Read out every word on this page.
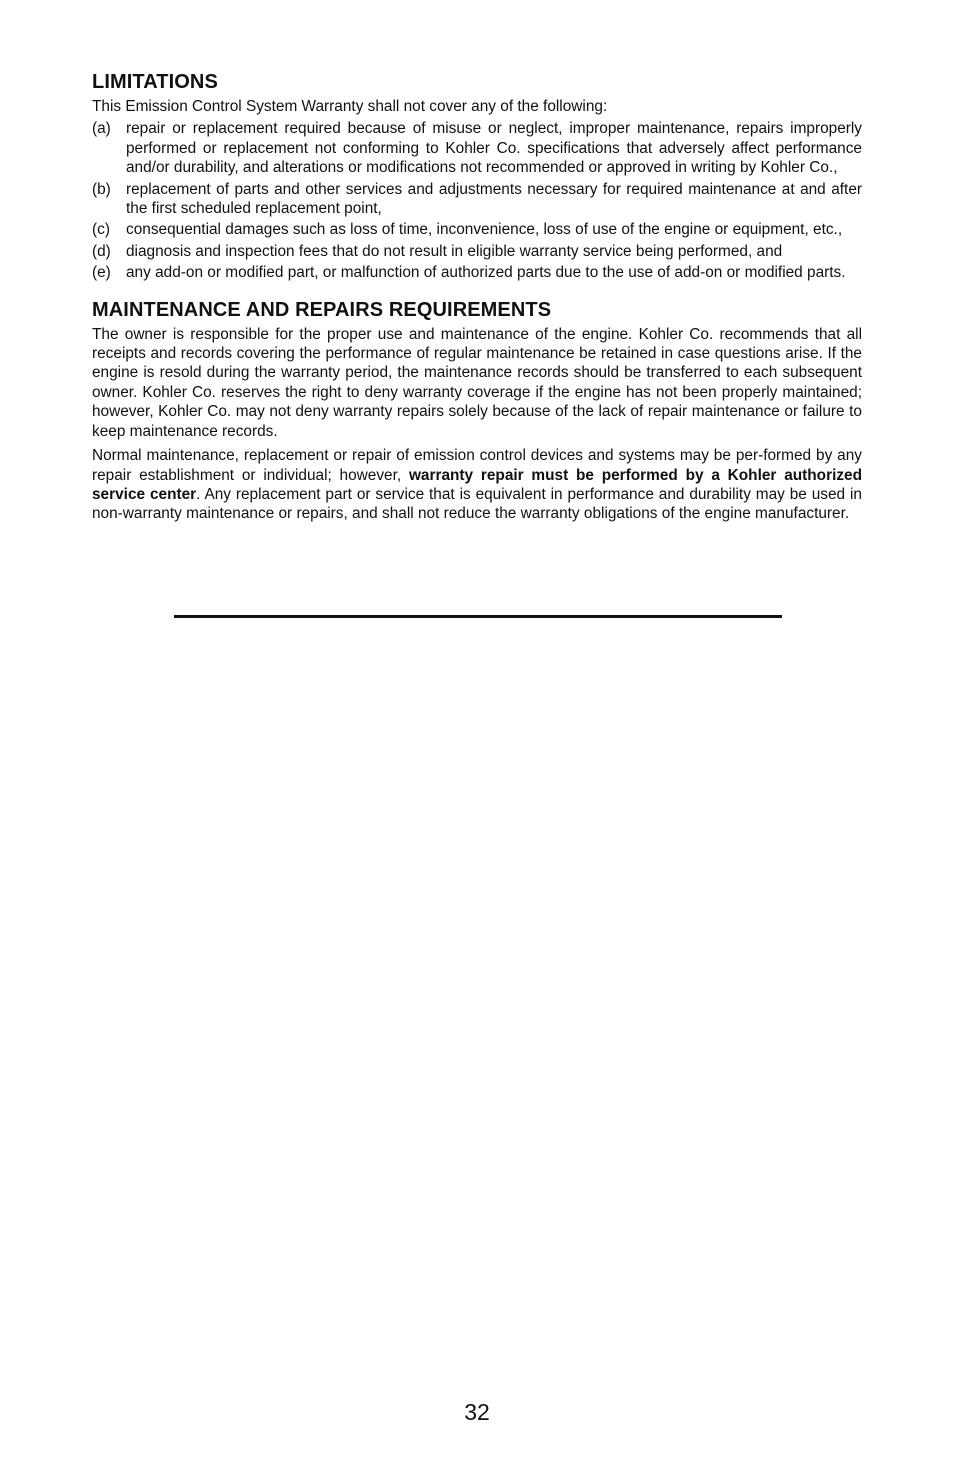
LIMITATIONS

This Emission Control System Warranty shall not cover any of the following:

(a) repair or replacement required because of misuse or neglect, improper maintenance, repairs improperly performed or replacement not conforming to Kohler Co. specifications that adversely affect performance and/or durability, and alterations or modifications not recommended or approved in writing by Kohler Co.,
(b) replacement of parts and other services and adjustments necessary for required maintenance at and after the first scheduled replacement point,
(c)	consequential damages such as loss of time, inconvenience, loss of use of the engine or equipment, etc.,
(d) diagnosis and inspection fees that do not result in eligible warranty service being performed, and
(e) any add-on or modified part, or malfunction of authorized parts due to the use of add-on or modified parts.
MAINTENANCE AND REPAIRS REQUIREMENTS

The owner is responsible for the proper use and maintenance of the engine. Kohler Co. recommends that all receipts and records covering the performance of regular maintenance be retained in case questions arise. If the engine is resold during the warranty period, the maintenance records should be transferred to each subsequent owner. Kohler Co. reserves the right to deny warranty coverage if the engine has not been properly maintained; however, Kohler Co. may not deny warranty repairs solely because of the lack of repair maintenance or failure to keep maintenance records.

Normal maintenance, replacement or repair of emission control devices and systems may be per-formed by any repair establishment or individual; however, warranty repair must be performed by a Kohler authorized service center. Any replacement part or service that is equivalent in performance and durability may be used in non-warranty maintenance or repairs, and shall not reduce the warranty obligations of the engine manufacturer.

32
